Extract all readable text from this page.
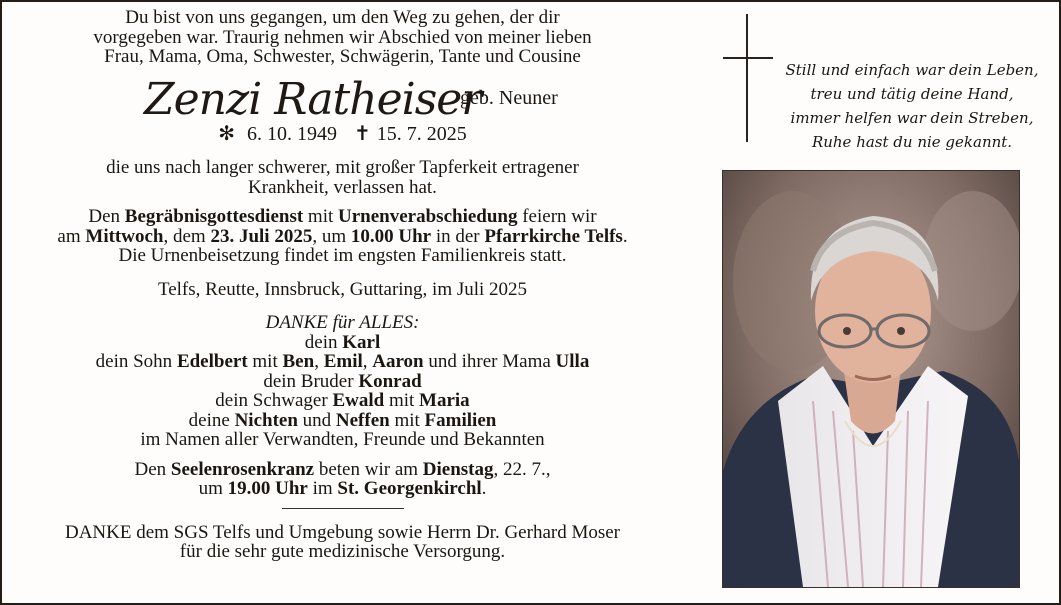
Du bist von uns gegangen, um den Weg zu gehen, der dir

vorgegeben war. Traurig nehmen wir Abschied von meiner lieben

Frau, Mama, Oma, Schwester, Schwägerin, Tante und Cousine

Zenzi Ratheiser
geb. Neuner

✻ 6. 10. 1949 ✝ 15. 7. 2025

die uns nach langer schwerer, mit großer Tapferkeit ertragener

Krankheit, verlassen hat.

Den Begräbnisgottesdienst mit Urnenverabschiedung feiern wir

am Mittwoch, dem 23. Juli 2025, um 10.00 Uhr in der Pfarrkirche Telfs.

Die Urnenbeisetzung findet im engsten Familienkreis statt.

Telfs, Reutte, Innsbruck, Guttaring, im Juli 2025

DANKE für ALLES:

dein Karl

dein Sohn Edelbert mit Ben, Emil, Aaron und ihrer Mama Ulla

dein Bruder Konrad

dein Schwager Ewald mit Maria

deine Nichten und Neffen mit Familien

im Namen aller Verwandten, Freunde und Bekannten

Den Seelenrosenkranz beten wir am Dienstag, 22. 7.,

um 19.00 Uhr im St. Georgenkirchl.

DANKE dem SGS Telfs und Umgebung sowie Herrn Dr. Gerhard Moser

für die sehr gute medizinische Versorgung.

Still und einfach war dein Leben,

treu und tätig deine Hand,

immer helfen war dein Streben,

Ruhe hast du nie gekannt.
